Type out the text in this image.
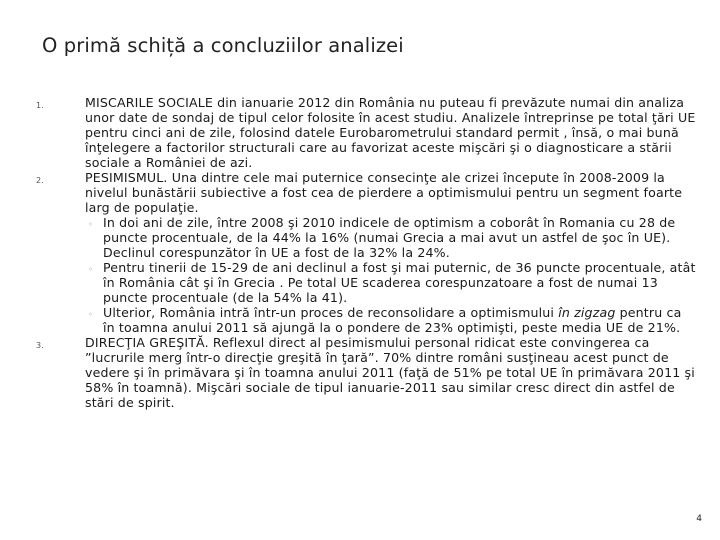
O primă schiță a concluziilor analizei
1.	MISCARILE SOCIALE din ianuarie 2012 din România nu puteau fi prevăzute numai din analiza unor date de sondaj de tipul celor folosite în acest studiu. Analizele întreprinse pe total ţări UE pentru cinci ani de zile, folosind datele Eurobarometrului standard permit , însă, o mai bună înţelegere a factorilor structurali care au favorizat aceste mişcări şi o diagnosticare a stării sociale a României de azi.
2.	PESIMISMUL. Una dintre cele mai puternice consecinţe ale crizei începute în 2008-2009 la nivelul bunăstării subiective a fost cea de pierdere a optimismului pentru un segment foarte larg de populaţie.
◦ In doi ani de zile, între 2008 şi 2010 indicele de optimism a coborât în Romania cu 28 de puncte procentuale, de la 44% la 16% (numai Grecia a mai avut un astfel de şoc în UE). Declinul corespunzător în UE a fost de la 32% la 24%.
◦ Pentru tinerii de 15-29 de ani declinul a fost şi mai puternic, de 36 puncte procentuale, atât în România cât şi în Grecia . Pe total UE scaderea corespunzatoare a fost de numai 13 puncte procentuale (de la 54% la 41).
◦ Ulterior, România intră într-un proces de reconsolidare a optimismului în zigzag pentru ca în toamna anului 2011 să ajungă la o pondere de 23% optimişti, peste media UE de 21%.
3.	DIRECŢIA GREŞITĂ. Reflexul direct al pesimismului personal ridicat este convingerea ca ”lucrurile merg într-o direcţie greşită în ţară”. 70% dintre români susţineau acest punct de vedere şi în primăvara şi în toamna anului 2011 (faţă de 51% pe total UE în primăvara 2011 şi 58% în toamnă). Mişcări sociale de tipul ianuarie-2011 sau similar cresc direct din astfel de stări de spirit.
4
